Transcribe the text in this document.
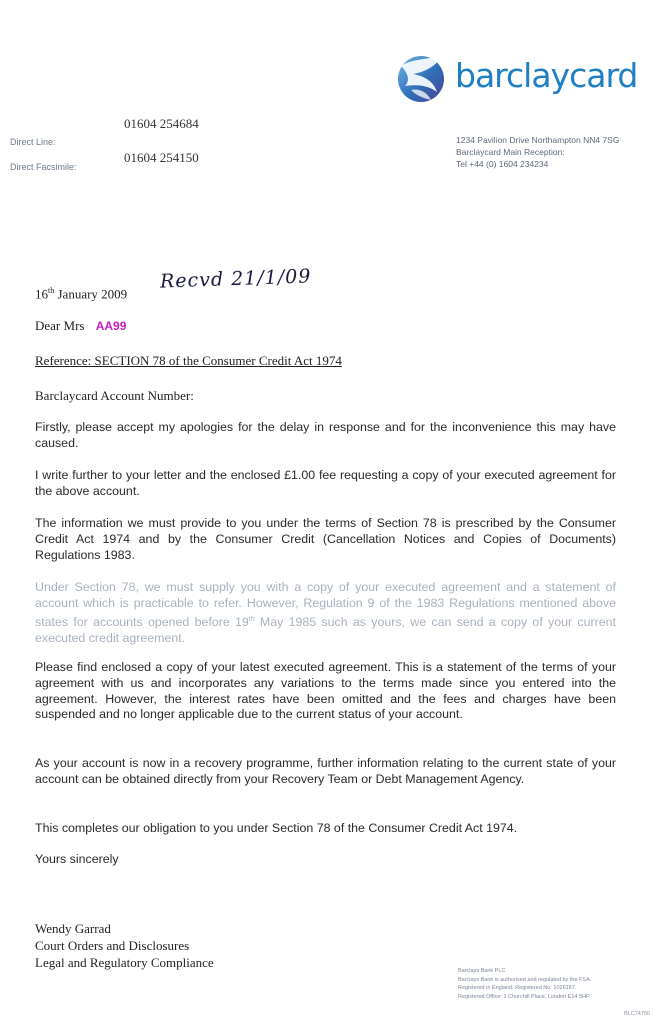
barclaycard
01604 254684
Direct Line:
01604 254150
Direct Facsimile:
1234 Pavilion Drive Northampton NN4 7SG
Barclaycard Main Reception:
Tel +44 (0) 1604 234234
16th January 2009
Recvd 21/1/09
Dear Mrs AA99
Reference: SECTION 78 of the Consumer Credit Act 1974
Barclaycard Account Number:
Firstly, please accept my apologies for the delay in response and for the inconvenience this may have caused.
I write further to your letter and the enclosed £1.00 fee requesting a copy of your executed agreement for the above account.
The information we must provide to you under the terms of Section 78 is prescribed by the Consumer Credit Act 1974 and by the Consumer Credit (Cancellation Notices and Copies of Documents) Regulations 1983.
Under Section 78, we must supply you with a copy of your executed agreement and a statement of account which is practicable to refer. However, Regulation 9 of the 1983 Regulations mentioned above states for accounts opened before 19th May 1985 such as yours, we can send a copy of your current executed credit agreement.
Please find enclosed a copy of your latest executed agreement. This is a statement of the terms of your agreement with us and incorporates any variations to the terms made since you entered into the agreement. However, the interest rates have been omitted and the fees and charges have been suspended and no longer applicable due to the current status of your account.
As your account is now in a recovery programme, further information relating to the current state of your account can be obtained directly from your Recovery Team or Debt Management Agency.
This completes our obligation to you under Section 78 of the Consumer Credit Act 1974.
Yours sincerely
Wendy Garrad
Court Orders and Disclosures
Legal and Regulatory Compliance
Barclays Bank PLC
Barclays Bank is authorised and regulated by the FSA.
Registered in England. Registered No: 1026167.
Registered Office: 1 Churchill Place, London E14 5HP.
BLC74750
